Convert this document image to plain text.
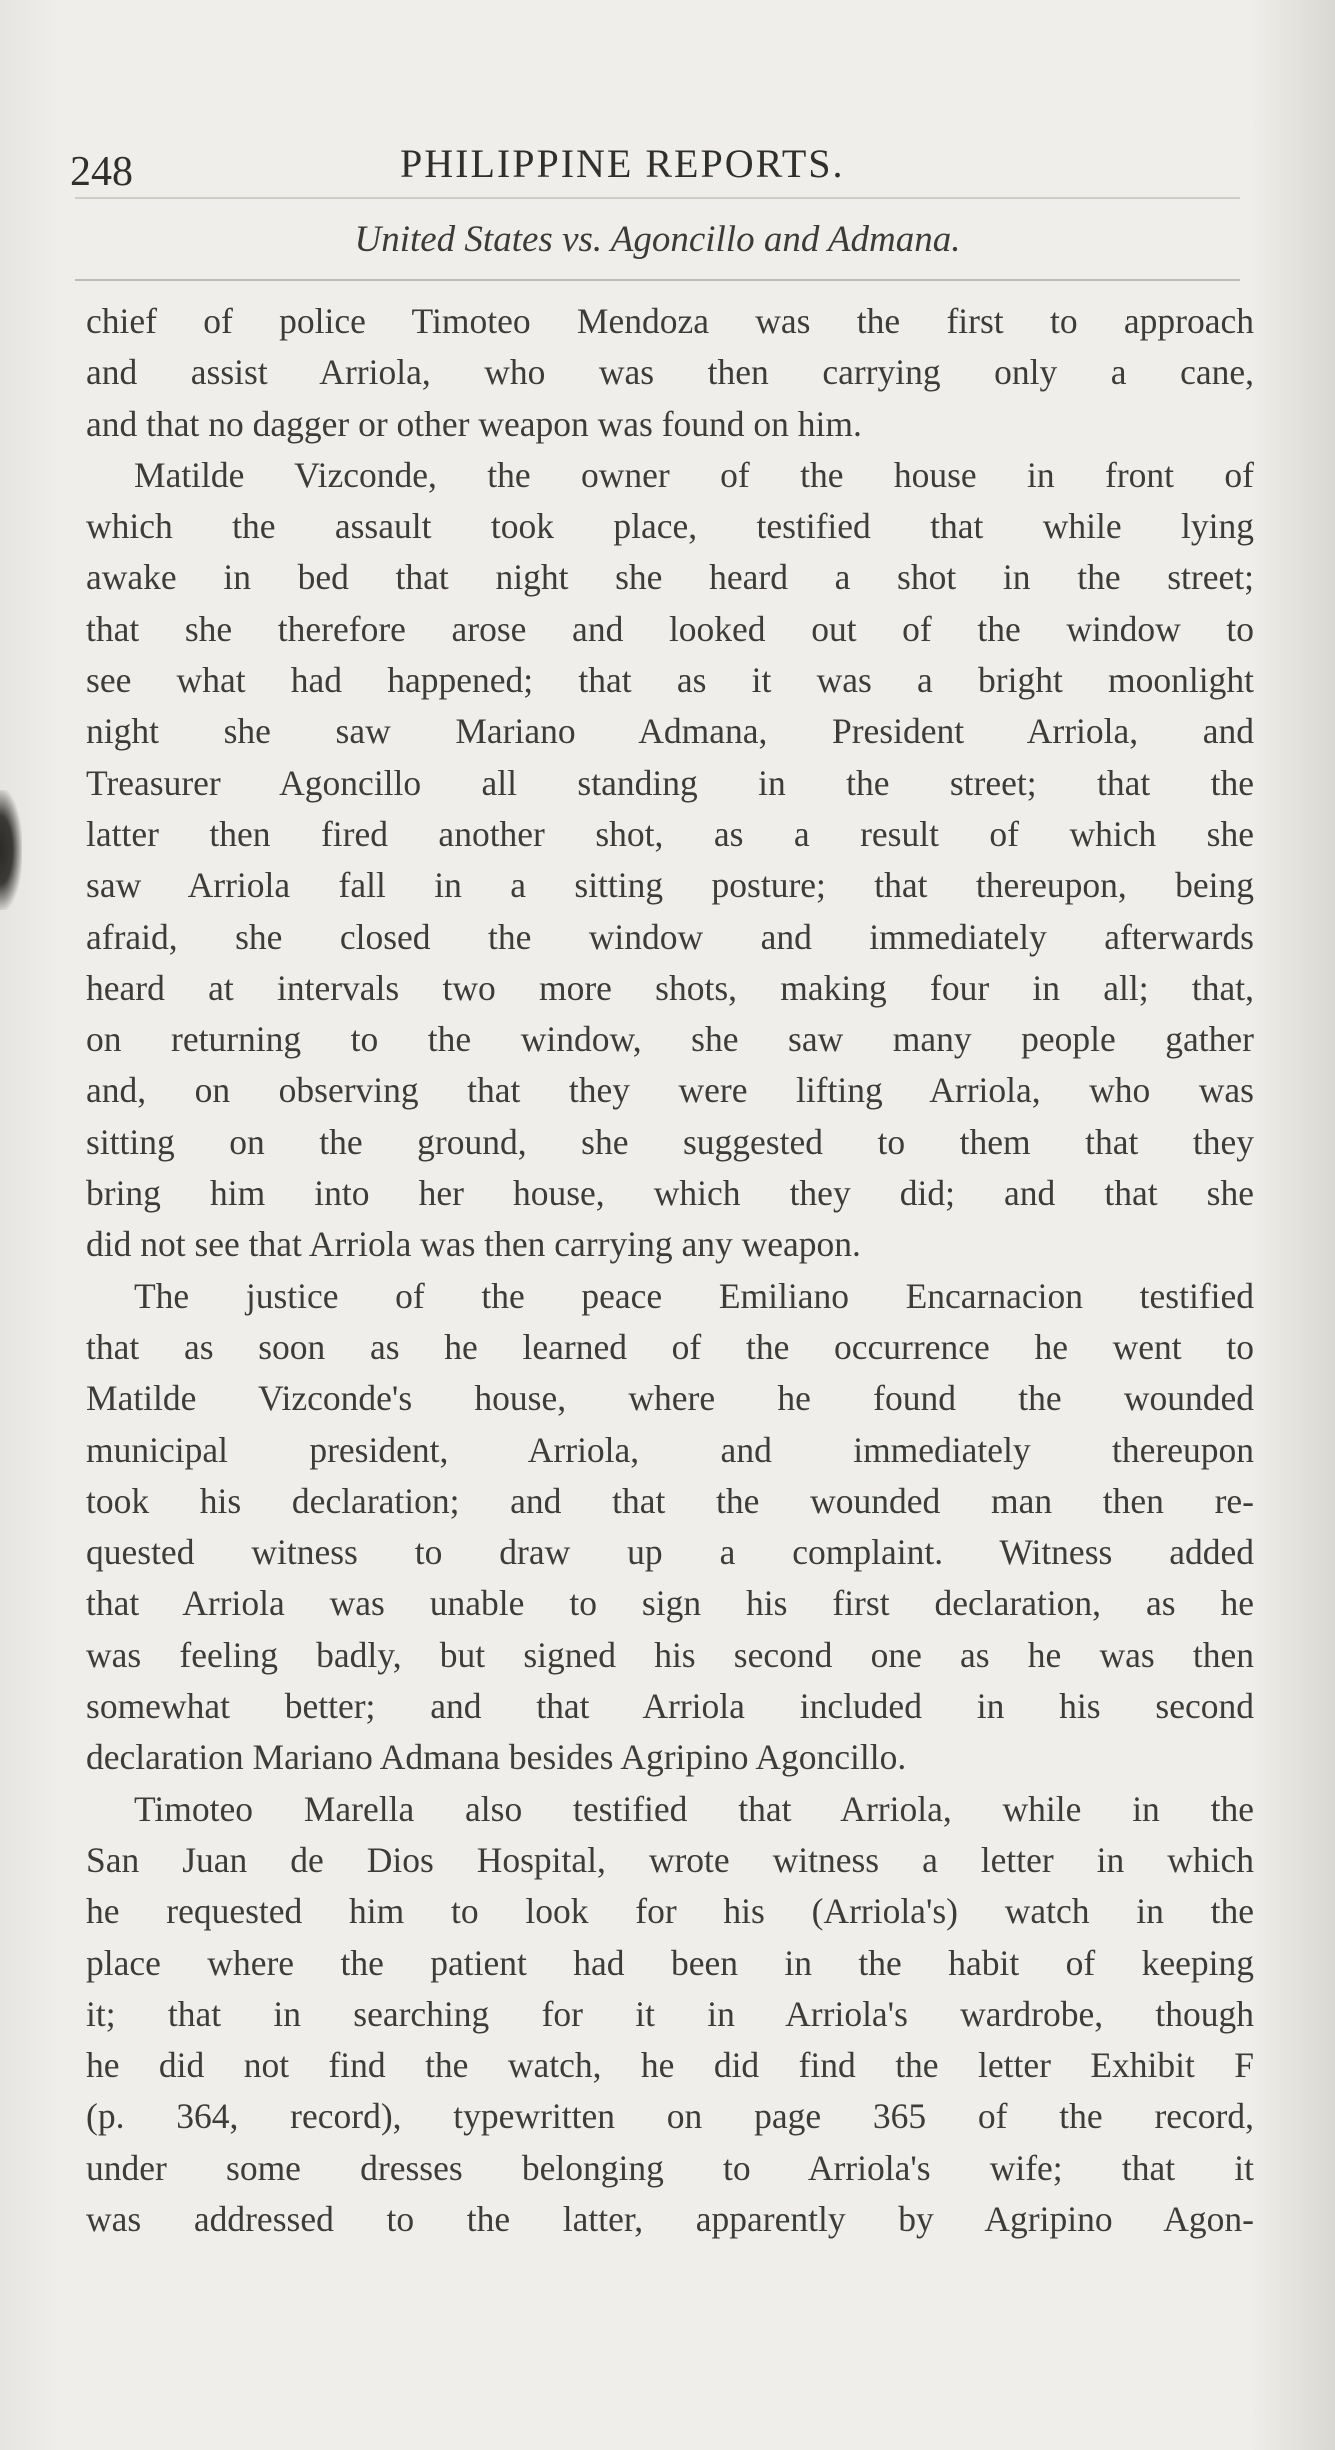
248	PHILIPPINE REPORTS.
United States vs. Agoncillo and Admana.
chief of police Timoteo Mendoza was the first to approach
and assist Arriola, who was then carrying only a cane,
and that no dagger or other weapon was found on him.
Matilde Vizconde, the owner of the house in front of
which the assault took place, testified that while lying
awake in bed that night she heard a shot in the street;
that she therefore arose and looked out of the window to
see what had happened; that as it was a bright moonlight
night she saw Mariano Admana, President Arriola, and
Treasurer Agoncillo all standing in the street; that the
latter then fired another shot, as a result of which she
saw Arriola fall in a sitting posture; that thereupon, being
afraid, she closed the window and immediately afterwards
heard at intervals two more shots, making four in all; that,
on returning to the window, she saw many people gather
and, on observing that they were lifting Arriola, who was
sitting on the ground, she suggested to them that they
bring him into her house, which they did; and that she
did not see that Arriola was then carrying any weapon.
The justice of the peace Emiliano Encarnacion testified
that as soon as he learned of the occurrence he went to
Matilde Vizconde's house, where he found the wounded
municipal president, Arriola, and immediately thereupon
took his declaration; and that the wounded man then re-
quested witness to draw up a complaint. Witness added
that Arriola was unable to sign his first declaration, as he
was feeling badly, but signed his second one as he was then
somewhat better; and that Arriola included in his second
declaration Mariano Admana besides Agripino Agoncillo.
Timoteo Marella also testified that Arriola, while in the
San Juan de Dios Hospital, wrote witness a letter in which
he requested him to look for his (Arriola's) watch in the
place where the patient had been in the habit of keeping
it; that in searching for it in Arriola's wardrobe, though
he did not find the watch, he did find the letter Exhibit F
(p. 364, record), typewritten on page 365 of the record,
under some dresses belonging to Arriola's wife; that it
was addressed to the latter, apparently by Agripino Agon-
